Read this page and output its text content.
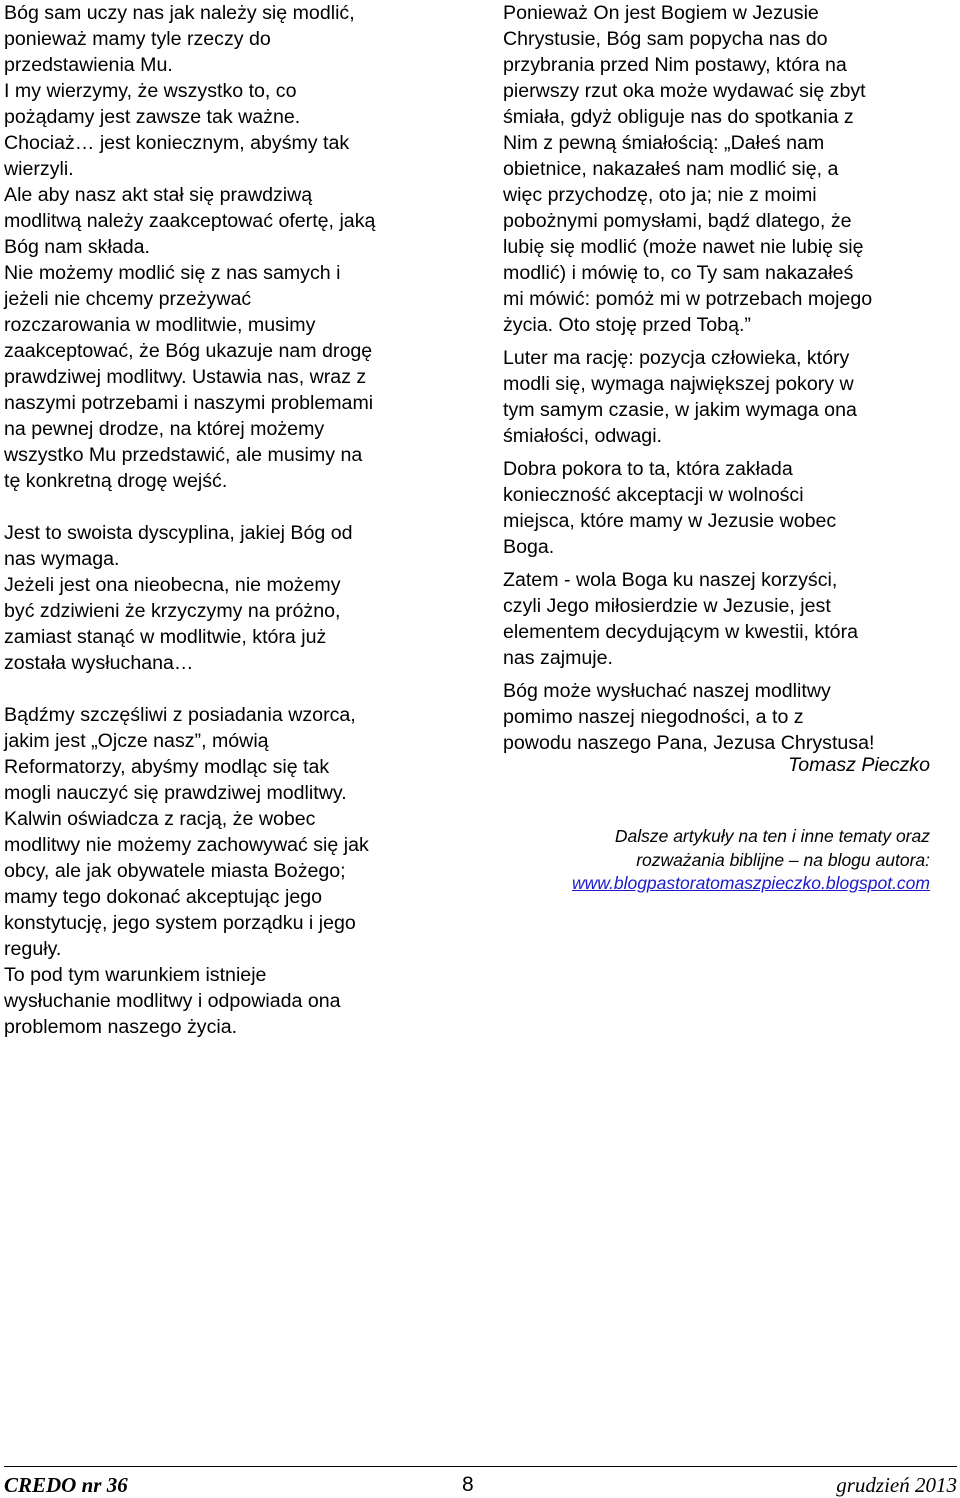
Bóg sam uczy nas jak należy się modlić,
ponieważ mamy tyle rzeczy do
przedstawienia Mu.

I my wierzymy, że wszystko to, co
pożądamy jest zawsze tak ważne.

Chociaż… jest koniecznym, abyśmy tak
wierzyli.

Ale aby nasz akt stał się prawdziwą
modlitwą należy zaakceptować ofertę, jaką
Bóg nam składa.

Nie możemy modlić się z nas samych i
jeżeli nie chcemy przeżywać
rozczarowania w modlitwie, musimy
zaakceptować, że Bóg ukazuje nam drogę
prawdziwej modlitwy. Ustawia nas, wraz z
naszymi potrzebami i naszymi problemami
na pewnej drodze, na której możemy
wszystko Mu przedstawić, ale musimy na
tę konkretną drogę wejść.

Jest to swoista dyscyplina, jakiej Bóg od
nas wymaga.

Jeżeli jest ona nieobecna, nie możemy
być zdziwieni że krzyczymy na próżno,
zamiast stanąć w modlitwie, która już
została wysłuchana…

Bądźmy szczęśliwi z posiadania wzorca,
jakim jest „Ojcze nasz”, mówią
Reformatorzy, abyśmy modląc się tak
mogli nauczyć się prawdziwej modlitwy.

Kalwin oświadcza z racją, że wobec
modlitwy nie możemy zachowywać się jak
obcy, ale jak obywatele miasta Bożego;
mamy tego dokonać akceptując jego
konstytucję, jego system porządku i jego
reguły.

To pod tym warunkiem istnieje
wysłuchanie modlitwy i odpowiada ona
problemom naszego życia.

Ponieważ On jest Bogiem w Jezusie
Chrystusie, Bóg sam popycha nas do
przybrania przed Nim postawy, która na
pierwszy rzut oka może wydawać się zbyt
śmiała, gdyż obliguje nas do spotkania z
Nim z pewną śmiałością: „Dałeś nam
obietnice, nakazałeś nam modlić się, a
więc przychodzę, oto ja; nie z moimi
pobożnymi pomysłami, bądź dlatego, że
lubię się modlić (może nawet nie lubię się
modlić) i mówię to, co Ty sam nakazałeś
mi mówić: pomóż mi w potrzebach mojego
życia. Oto stoję przed Tobą.”

Luter ma rację: pozycja człowieka, który
modli się, wymaga największej pokory w
tym samym czasie, w jakim wymaga ona
śmiałości, odwagi.

Dobra pokora to ta, która zakłada
konieczność akceptacji w wolności
miejsca, które mamy w Jezusie wobec
Boga.

Zatem - wola Boga ku naszej korzyści,
czyli Jego miłosierdzie w Jezusie, jest
elementem decydującym w kwestii, która
nas zajmuje.

Bóg może wysłuchać naszej modlitwy
pomimo naszej niegodności, a to z
powodu naszego Pana, Jezusa Chrystusa!

Tomasz Pieczko
Dalsze artykuły na ten i inne tematy oraz
rozważania biblijne – na blogu autora:
www.blogpastoratomaszpieczko.blogspot.com
CREDO nr 36	8	grudzień 2013
